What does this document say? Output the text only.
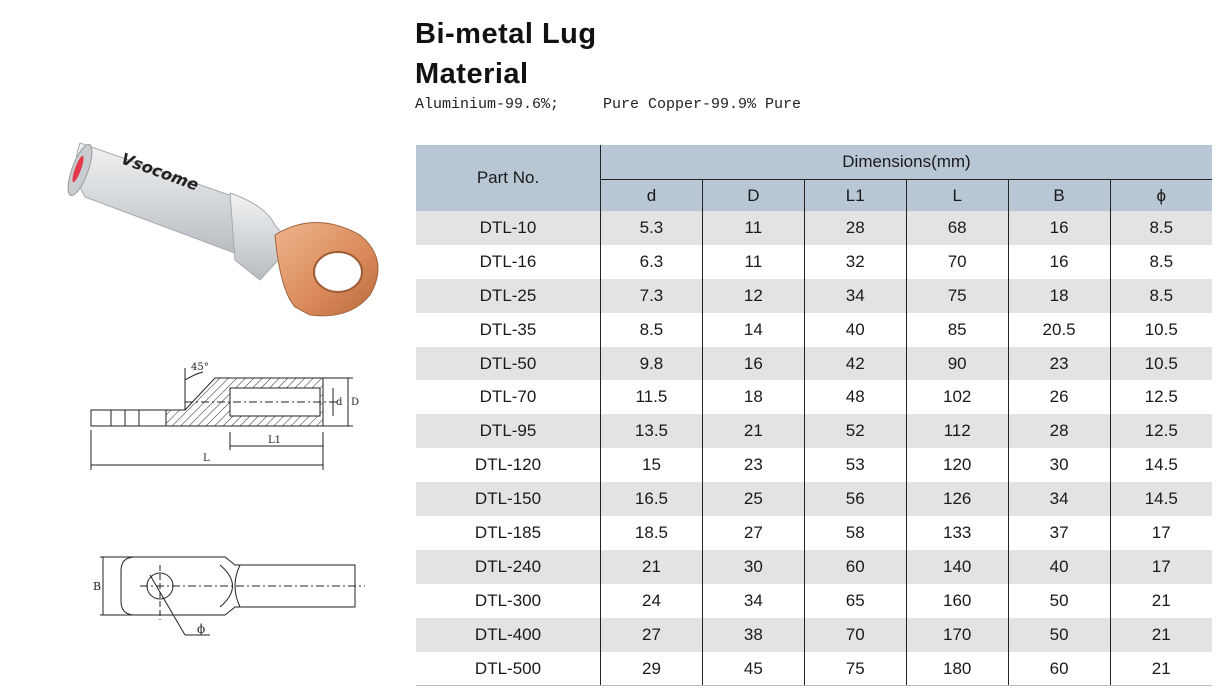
Vsocome
45°
d D
L1
L
B
ϕ
Bi-metal Lug
Material
Aluminium-99.6%;	Pure Copper-99.9% Pure
Part No.	Dimensions(mm)					
	d	D	L1	L	B	ϕ
DTL-10	5.3	11	28	68	16	8.5
DTL-16	6.3	11	32	70	16	8.5
DTL-25	7.3	12	34	75	18	8.5
DTL-35	8.5	14	40	85	20.5	10.5
DTL-50	9.8	16	42	90	23	10.5
DTL-70	11.5	18	48	102	26	12.5
DTL-95	13.5	21	52	112	28	12.5
DTL-120	15	23	53	120	30	14.5
DTL-150	16.5	25	56	126	34	14.5
DTL-185	18.5	27	58	133	37	17
DTL-240	21	30	60	140	40	17
DTL-300	24	34	65	160	50	21
DTL-400	27	38	70	170	50	21
DTL-500	29	45	75	180	60	21
